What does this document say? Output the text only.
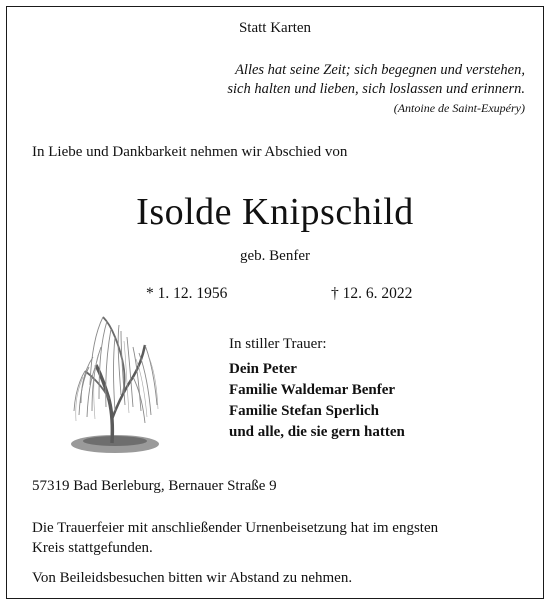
Statt Karten
Alles hat seine Zeit; sich begegnen und verstehen,
sich halten und lieben, sich loslassen und erinnern.
(Antoine de Saint-Exupéry)
In Liebe und Dankbarkeit nehmen wir Abschied von
Isolde Knipschild
geb. Benfer
* 1. 12. 1956	† 12. 6. 2022
In stiller Trauer:
Dein Peter
Familie Waldemar Benfer
Familie Stefan Sperlich
und alle, die sie gern hatten
57319 Bad Berleburg, Bernauer Straße 9
Die Trauerfeier mit anschließender Urnenbeisetzung hat im engsten
Kreis stattgefunden.
Von Beileidsbesuchen bitten wir Abstand zu nehmen.
